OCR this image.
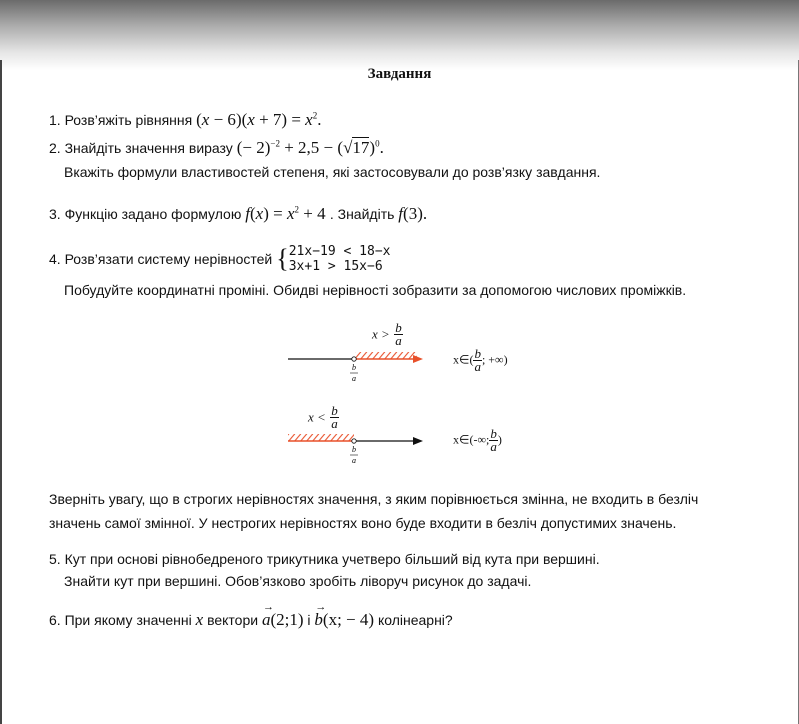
Завдання
1. Розв’яжіть рівняння $(x - 6)(x + 7) = x^2$.
2. Знайдіть значення виразу (− $2)^{-2} + 2,5 - (√17)^0$.
Вкажіть формули властивостей степеня, які застосовували до розв’язку завдання.
3. Функцію задано формулою $f(x) = x^2 + 4$ . Знайдіть f(3).
4. Розв’язати систему нерівностей { 21x−19 < 18−x
3x+1 > 15x−6
Побудуйте координатні проміні. Обидві нерівності зобразити за допомогою числових проміжків.
$x > \frac{b}{a}$
b
a
x∈( $\frac{b}{a}$ ; +∞)
$x < \frac{b}{a}$
b
a
x∈(-∞; $\frac{b}{a}$ )
Зверніть увагу, що в строгих нерівностях значення, з яким порівнюється змінна, не входить в безліч
значень самої змінної. У нестрогих нерівностях воно буде входити в безліч допустимих значень.
5. Кут при основі рівнобедреного трикутника учетверо більший від кута при вершині.
Знайти кут при вершині. Обов’язково зробіть ліворуч рисунок до задачі.
6. При якому значенні x вектори
→
a(2;1) і
→
b(x; − 4) колінеарні?
